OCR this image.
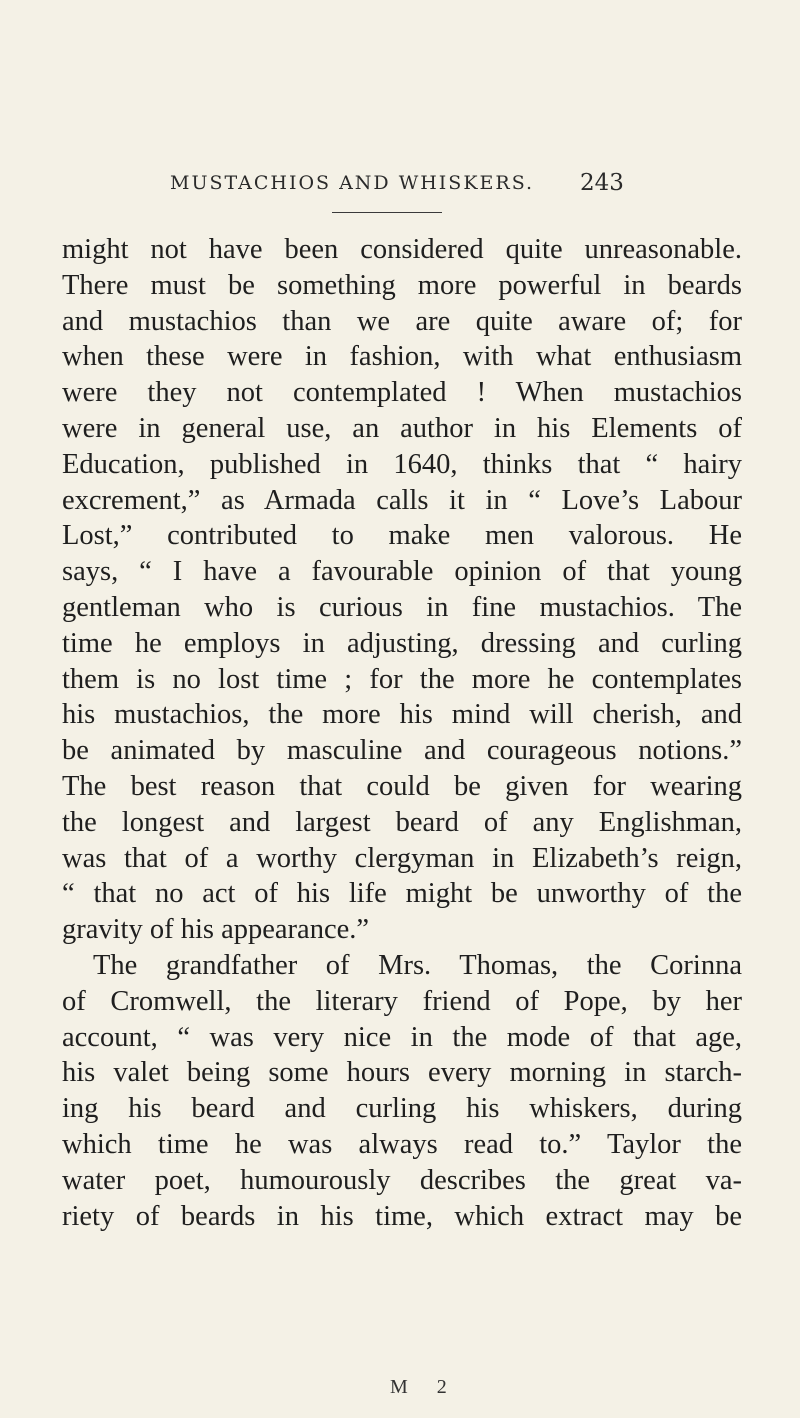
MUSTACHIOS AND WHISKERS. 243
might not have been considered quite unreasonable.
There must be something more powerful in beards
and mustachios than we are quite aware of; for
when these were in fashion, with what enthusiasm
were they not contemplated ! When mustachios
were in general use, an author in his Elements of
Education, published in 1640, thinks that “ hairy
excrement,” as Armada calls it in “ Love’s Labour
Lost,” contributed to make men valorous. He
says, “ I have a favourable opinion of that young
gentleman who is curious in fine mustachios. The
time he employs in adjusting, dressing and curling
them is no lost time ; for the more he contemplates
his mustachios, the more his mind will cherish, and
be animated by masculine and courageous notions.”
The best reason that could be given for wearing
the longest and largest beard of any Englishman,
was that of a worthy clergyman in Elizabeth’s reign,
“ that no act of his life might be unworthy of the
gravity of his appearance.”
The grandfather of Mrs. Thomas, the Corinna
of Cromwell, the literary friend of Pope, by her
account, “ was very nice in the mode of that age,
his valet being some hours every morning in starch-
ing his beard and curling his whiskers, during
which time he was always read to.” Taylor the
water poet, humourously describes the great va-
riety of beards in his time, which extract may be
M 2
